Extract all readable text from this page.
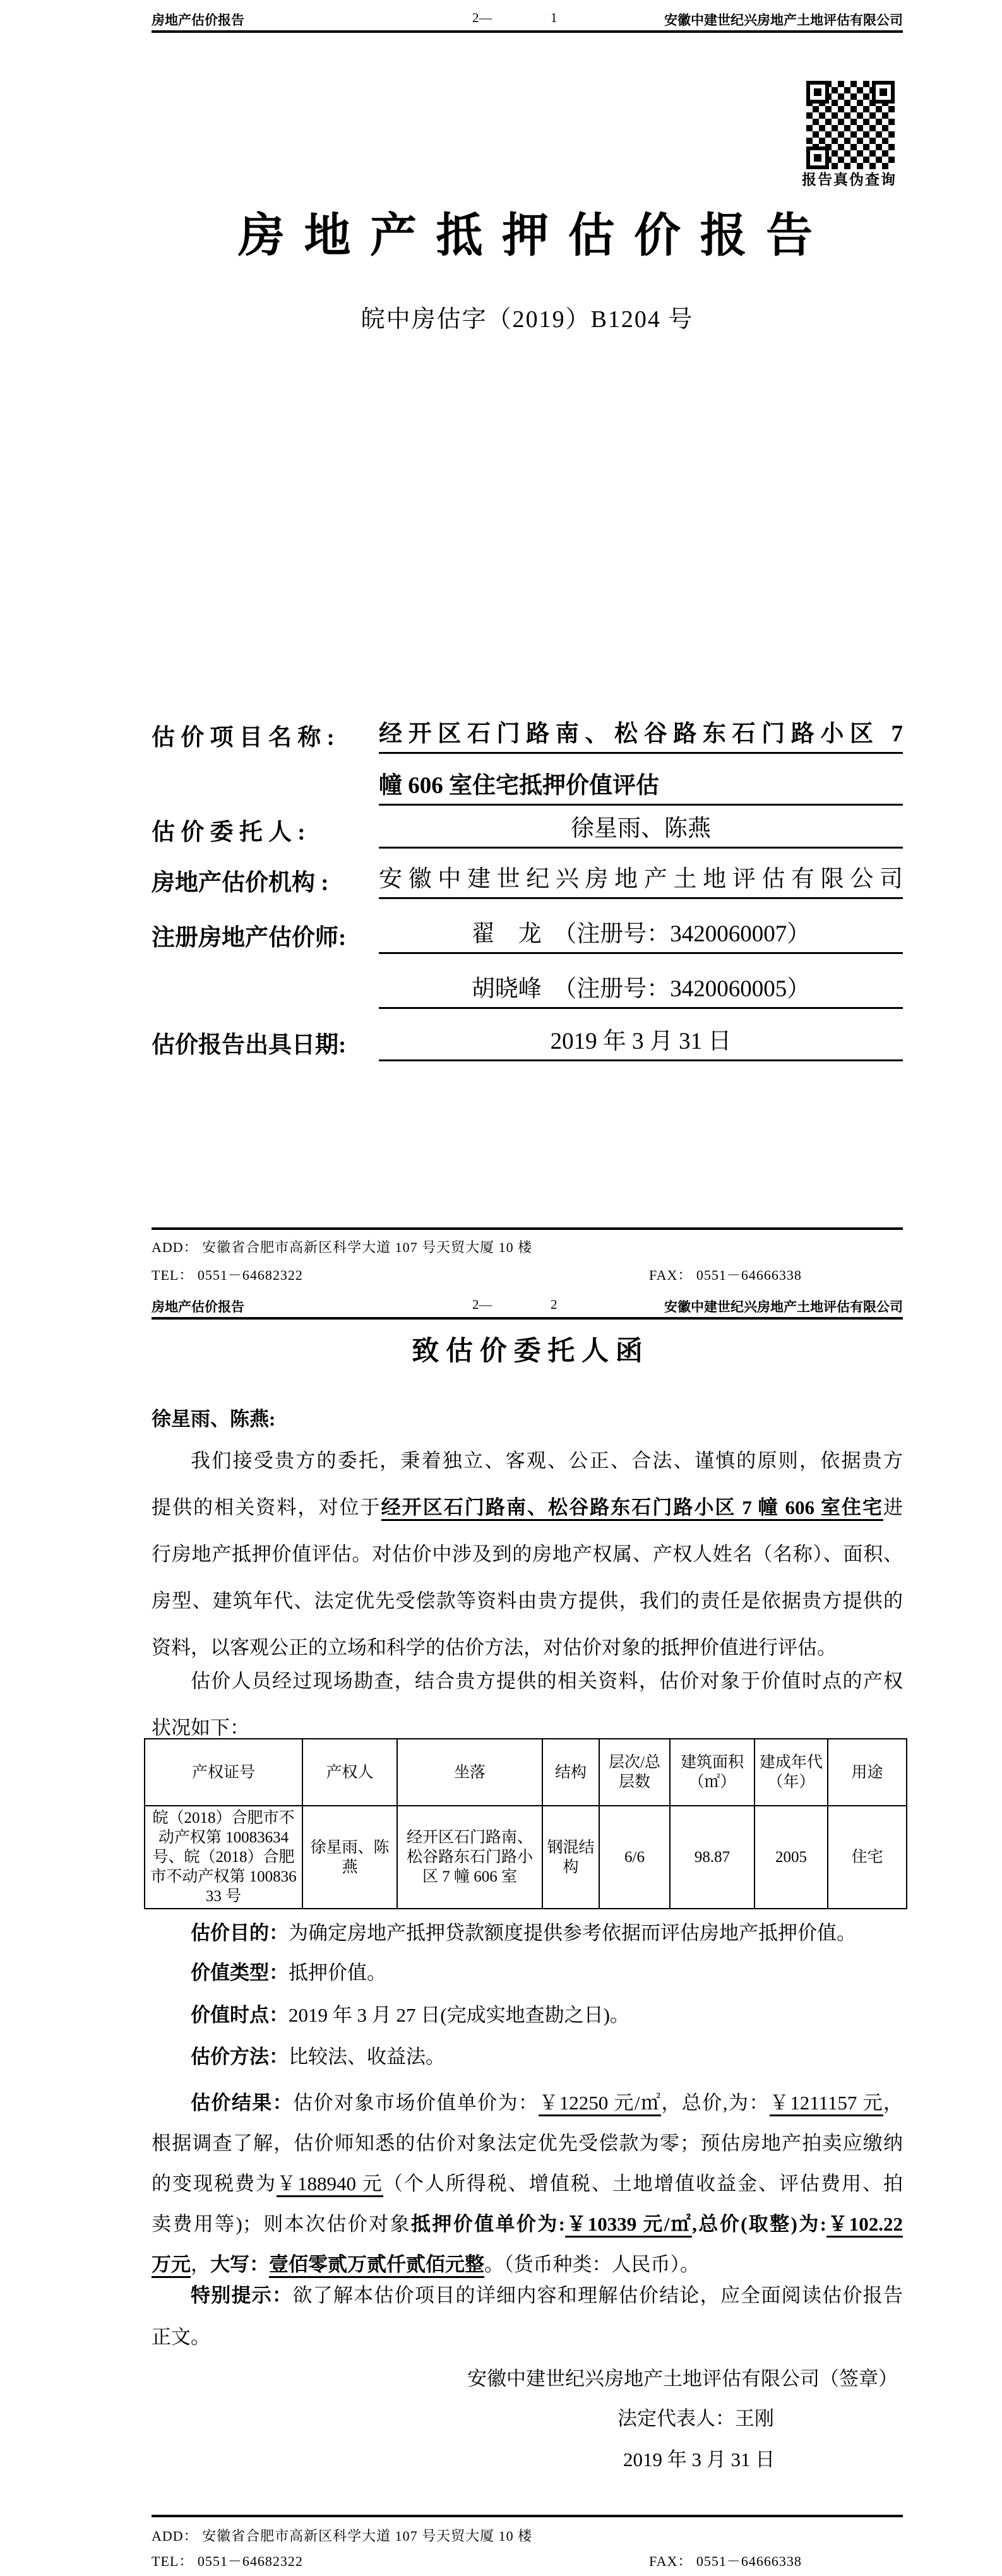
房地产估价报告	2—	1	安徽中建世纪兴房地产土地评估有限公司
报告真伪查询
房 地 产 抵 押 估 价 报 告
皖中房估字（2019）B1204 号
估 价 项 目 名 称 :	经开区石门路南、松谷路东石门路小区 7
幢 606 室住宅抵押价值评估
估 价 委 托 人 :	徐星雨、陈燕
房地产估价机构 :	安徽中建世纪兴房地产土地评估有限公司
注册房地产估价师:	翟　龙　（注册号：3420060007）
胡晓峰　（注册号：3420060005）
估价报告出具日期:	2019 年 3 月 31 日
ADD： 安徽省合肥市高新区科学大道 107 号天贸大厦 10 楼
TEL： 0551－64682322	FAX： 0551－64666338
房地产估价报告	2—	2	安徽中建世纪兴房地产土地评估有限公司
致 估 价 委 托 人 函
徐星雨、陈燕:
我们接受贵方的委托，秉着独立、客观、公正、合法、谨慎的原则，依据贵方
提供的相关资料，对位于经开区石门路南、松谷路东石门路小区 7 幢 606 室住宅进
行房地产抵押价值评估。对估价中涉及到的房地产权属、产权人姓名（名称）、面积、
房型、建筑年代、法定优先受偿款等资料由贵方提供，我们的责任是依据贵方提供的
资料，以客观公正的立场和科学的估价方法，对估价对象的抵押价值进行评估。
估价人员经过现场勘查，结合贵方提供的相关资料，估价对象于价值时点的产权
状况如下：
产权证号	产权人	坐落	结构	层次/总层数	建筑面积（㎡）	建成年代（年）	用途
皖（2018）合肥市不动产权第 10083634 号、皖（2018）合肥市不动产权第 10083633 号	徐星雨、陈燕	经开区石门路南、松谷路东石门路小区 7 幢 606 室	钢混结构	6/6	98.87	2005	住宅
估价目的：为确定房地产抵押贷款额度提供参考依据而评估房地产抵押价值。
价值类型：抵押价值。
价值时点：2019 年 3 月 27 日(完成实地查勘之日)。
估价方法：比较法、收益法。
估价结果：估价对象市场价值单价为：￥12250 元/㎡，总价,为：￥1211157 元，
根据调查了解，估价师知悉的估价对象法定优先受偿款为零；预估房地产拍卖应缴纳
的变现税费为￥188940 元（个人所得税、增值税、土地增值收益金、评估费用、拍
卖费用等)；则本次估价对象抵押价值单价为:￥10339 元/㎡,总价(取整)为:￥102.22
万元，大写：壹佰零贰万贰仟贰佰元整。（货币种类：人民币）。
特别提示：欲了解本估价项目的详细内容和理解估价结论，应全面阅读估价报告
正文。
安徽中建世纪兴房地产土地评估有限公司（签章）
法定代表人：王刚
2019 年 3 月 31 日
ADD： 安徽省合肥市高新区科学大道 107 号天贸大厦 10 楼
TEL： 0551－64682322	FAX： 0551－64666338
